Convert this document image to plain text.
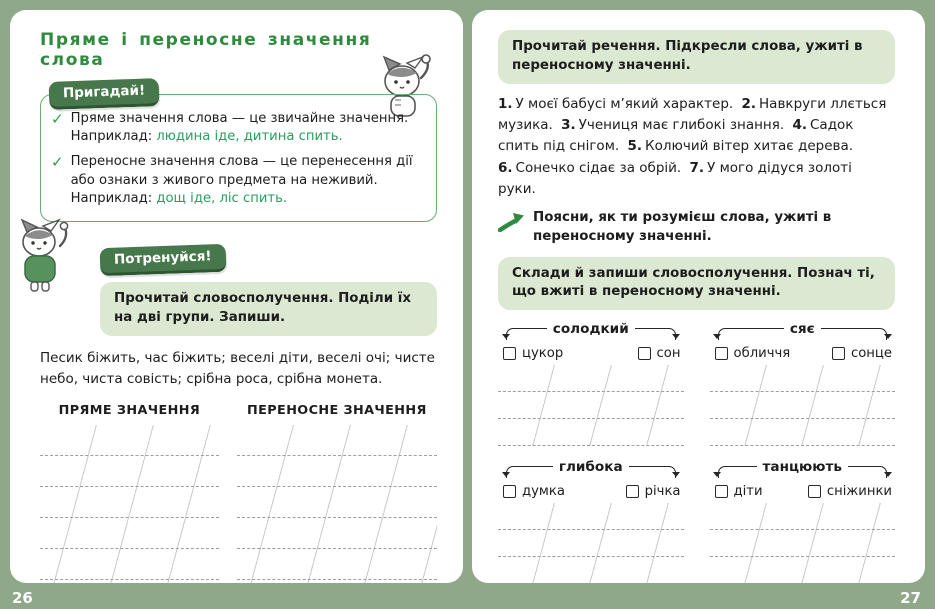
Пряме і переносне значення слова
Пригадай!
✓ Пряме значення слова — це звичайне значення. Наприклад: людина іде, дитина спить.

✓ Переносне значення слова — це перенесення дії або ознаки з живого предмета на неживий. Наприклад: дощ іде, ліс спить.

Потренуйся!
Прочитай словосполучення. Поділи їх на дві групи. Запиши.

Песик біжить, час біжить; веселі діти, веселі очі; чисте небо, чиста совість; срібна роса, срібна монета.

ПРЯМЕ ЗНАЧЕННЯ	ПЕРЕНОСНЕ ЗНАЧЕННЯ
Прочитай речення. Підкресли слова, ужиті в переносному значенні.

1. У моєї бабусі м’який характер. 2. Навкруги ллється музика. 3. Учениця має глибокі знання. 4. Садок спить під снігом. 5. Колючий вітер хитає дерева. 6. Сонечко сідає за обрій. 7. У мого дідуся золоті руки.

Поясни, як ти розумієш слова, ужиті в переносному значенні.

Склади й запиши словосполучення. Познач ті, що вжиті в переносному значенні.
солодкий
цукор	сон
сяє
обличчя	сонце
глибока
думка	річка
танцюють
діти	сніжинки
26	27
